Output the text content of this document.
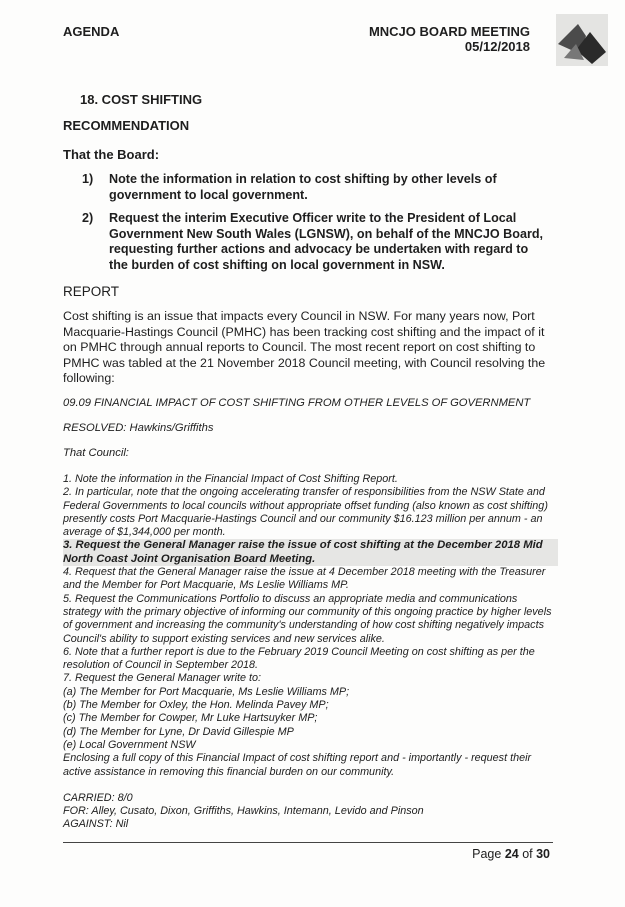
AGENDA	MNCJO BOARD MEETING
05/12/2018
18. COST SHIFTING
RECOMMENDATION
That the Board:
1) Note the information in relation to cost shifting by other levels of government to local government.
2) Request the interim Executive Officer write to the President of Local Government New South Wales (LGNSW), on behalf of the MNCJO Board, requesting further actions and advocacy be undertaken with regard to the burden of cost shifting on local government in NSW.
REPORT
Cost shifting is an issue that impacts every Council in NSW. For many years now, Port Macquarie-Hastings Council (PMHC) has been tracking cost shifting and the impact of it on PMHC through annual reports to Council. The most recent report on cost shifting to PMHC was tabled at the 21 November 2018 Council meeting, with Council resolving the following:
09.09 FINANCIAL IMPACT OF COST SHIFTING FROM OTHER LEVELS OF GOVERNMENT
RESOLVED: Hawkins/Griffiths
That Council:
1. Note the information in the Financial Impact of Cost Shifting Report.
2. In particular, note that the ongoing accelerating transfer of responsibilities from the NSW State and Federal Governments to local councils without appropriate offset funding (also known as cost shifting) presently costs Port Macquarie-Hastings Council and our community $16.123 million per annum - an average of $1,344,000 per month.
3. Request the General Manager raise the issue of cost shifting at the December 2018 Mid North Coast Joint Organisation Board Meeting.
4. Request that the General Manager raise the issue at 4 December 2018 meeting with the Treasurer and the Member for Port Macquarie, Ms Leslie Williams MP.
5. Request the Communications Portfolio to discuss an appropriate media and communications strategy with the primary objective of informing our community of this ongoing practice by higher levels of government and increasing the community's understanding of how cost shifting negatively impacts Council's ability to support existing services and new services alike.
6. Note that a further report is due to the February 2019 Council Meeting on cost shifting as per the resolution of Council in September 2018.
7. Request the General Manager write to:
(a) The Member for Port Macquarie, Ms Leslie Williams MP;
(b) The Member for Oxley, the Hon. Melinda Pavey MP;
(c) The Member for Cowper, Mr Luke Hartsuyker MP;
(d) The Member for Lyne, Dr David Gillespie MP
(e) Local Government NSW
Enclosing a full copy of this Financial Impact of cost shifting report and - importantly - request their active assistance in removing this financial burden on our community.
CARRIED: 8/0
FOR: Alley, Cusato, Dixon, Griffiths, Hawkins, Intemann, Levido and Pinson
AGAINST: Nil
Page 24 of 30
